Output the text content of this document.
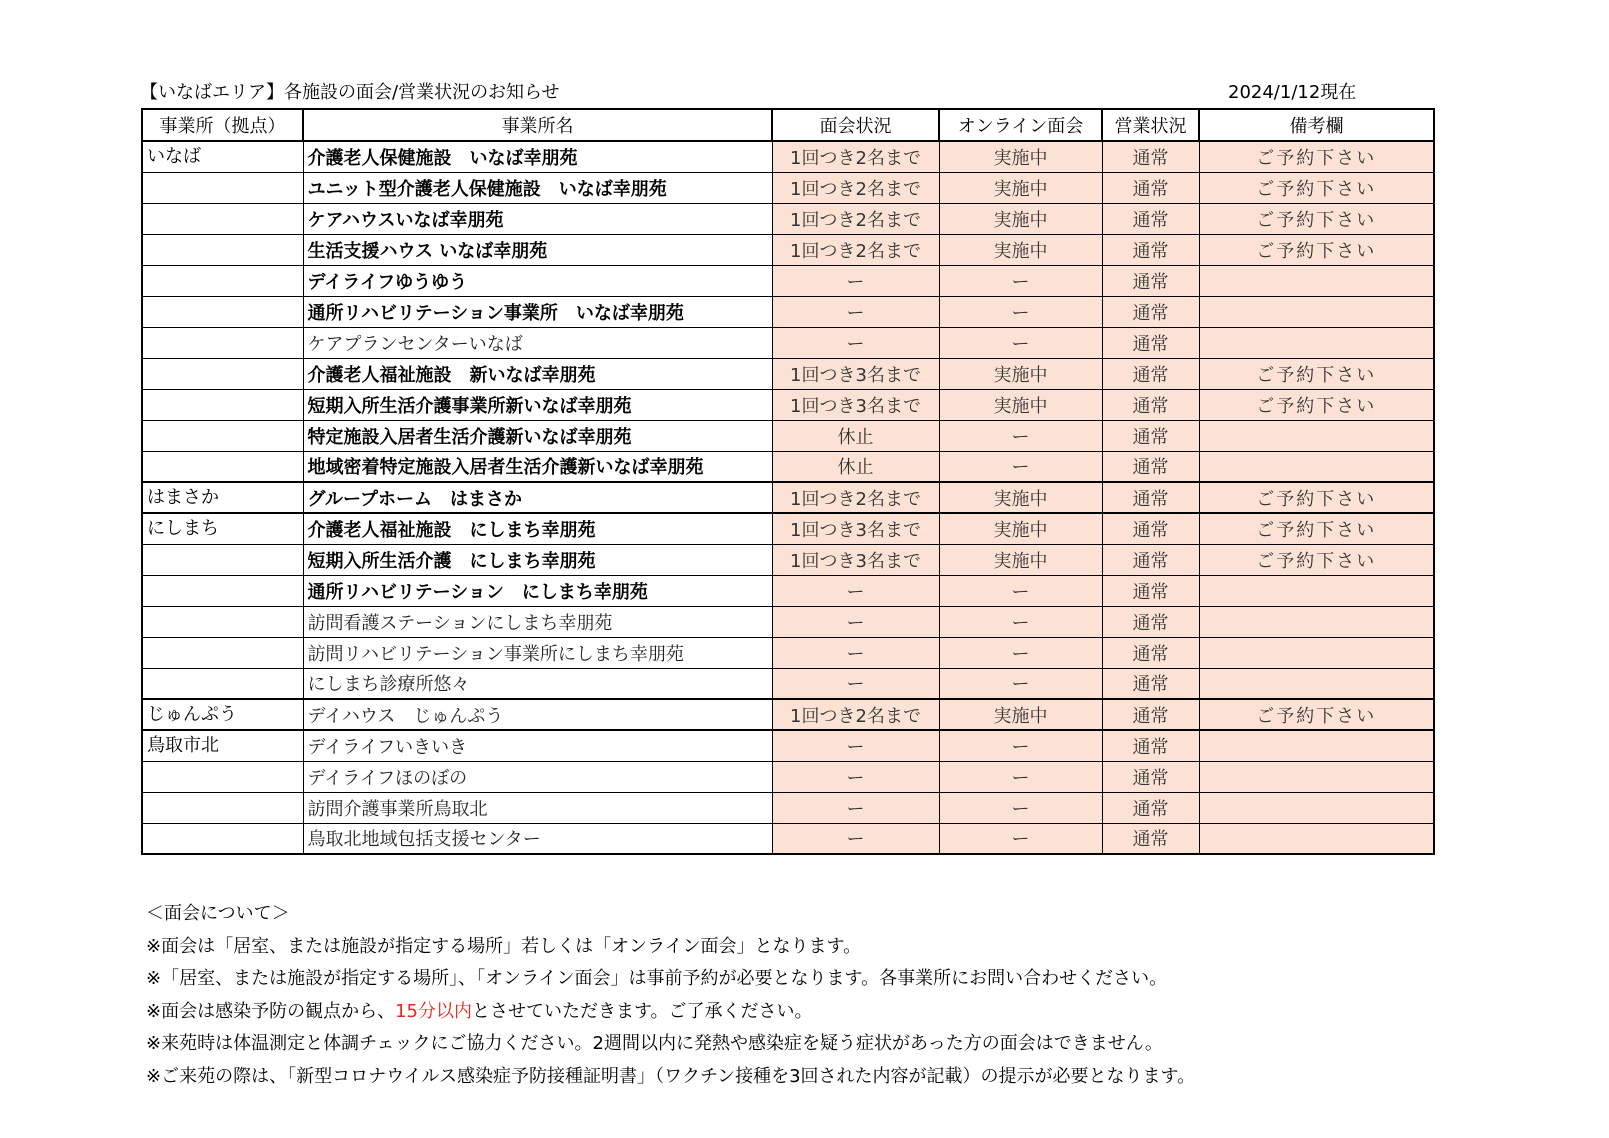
【いなばエリア】各施設の面会/営業状況のお知らせ	2024/1/12現在
事業所（拠点）	事業所名	面会状況	オンライン面会	営業状況	備考欄
いなば	介護老人保健施設　いなば幸朋苑	1回つき2名まで	実施中	通常	ご予約下さい
	ユニット型介護老人保健施設　いなば幸朋苑	1回つき2名まで	実施中	通常	ご予約下さい
	ケアハウスいなば幸朋苑	1回つき2名まで	実施中	通常	ご予約下さい
	生活支援ハウス いなば幸朋苑	1回つき2名まで	実施中	通常	ご予約下さい
	デイライフゆうゆう	ー	ー	通常	
	通所リハビリテーション事業所　いなば幸朋苑	ー	ー	通常	
	ケアプランセンターいなば	ー	ー	通常	
	介護老人福祉施設　新いなば幸朋苑	1回つき3名まで	実施中	通常	ご予約下さい
	短期入所生活介護事業所新いなば幸朋苑	1回つき3名まで	実施中	通常	ご予約下さい
	特定施設入居者生活介護新いなば幸朋苑	休止	ー	通常	
	地域密着特定施設入居者生活介護新いなば幸朋苑	休止	ー	通常	
はまさか	グループホーム　はまさか	1回つき2名まで	実施中	通常	ご予約下さい
にしまち	介護老人福祉施設　にしまち幸朋苑	1回つき3名まで	実施中	通常	ご予約下さい
	短期入所生活介護　にしまち幸朋苑	1回つき3名まで	実施中	通常	ご予約下さい
	通所リハビリテーション　にしまち幸朋苑	ー	ー	通常	
	訪問看護ステーションにしまち幸朋苑	ー	ー	通常	
	訪問リハビリテーション事業所にしまち幸朋苑	ー	ー	通常	
	にしまち診療所悠々	ー	ー	通常	
じゅんぷう	デイハウス　じゅんぷう	1回つき2名まで	実施中	通常	ご予約下さい
鳥取市北	デイライフいきいき	ー	ー	通常	
	デイライフほのぼの	ー	ー	通常	
	訪問介護事業所鳥取北	ー	ー	通常	
	鳥取北地域包括支援センター	ー	ー	通常	

＜面会について＞

※面会は「居室、または施設が指定する場所」若しくは「オンライン面会」となります。

※「居室、または施設が指定する場所」、「オンライン面会」は事前予約が必要となります。各事業所にお問い合わせください。

※面会は感染予防の観点から、15分以内とさせていただきます。ご了承ください。

※来苑時は体温測定と体調チェックにご協力ください。2週間以内に発熱や感染症を疑う症状があった方の面会はできません。

※ご来苑の際は、「新型コロナウイルス感染症予防接種証明書」（ワクチン接種を3回された内容が記載）の提示が必要となります。
